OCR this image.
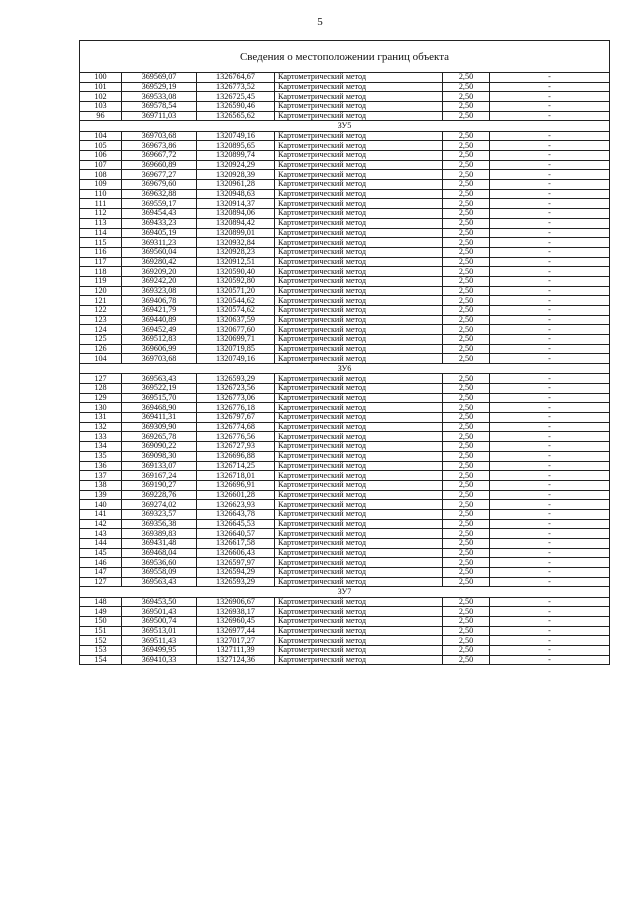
5
Сведения о местоположении границ объекта					
100	369569,07	1326764,67	Картометрический метод	2,50	-
101	369529,19	1326773,52	Картометрический метод	2,50	-
102	369533,08	1326725,45	Картометрический метод	2,50	-
103	369578,54	1326590,46	Картометрический метод	2,50	-
96	369711,03	1326565,62	Картометрический метод	2,50	-
ЗУ5					
104	369703,68	1320749,16	Картометрический метод	2,50	-
105	369673,86	1320895,65	Картометрический метод	2,50	-
106	369667,72	1320899,74	Картометрический метод	2,50	-
107	369660,89	1320924,29	Картометрический метод	2,50	-
108	369677,27	1320928,39	Картометрический метод	2,50	-
109	369679,60	1320961,28	Картометрический метод	2,50	-
110	369632,88	1320948,63	Картометрический метод	2,50	-
111	369559,17	1320914,37	Картометрический метод	2,50	-
112	369454,43	1320894,06	Картометрический метод	2,50	-
113	369433,23	1320894,42	Картометрический метод	2,50	-
114	369405,19	1320899,01	Картометрический метод	2,50	-
115	369311,23	1320932,84	Картометрический метод	2,50	-
116	369560,04	1320928,23	Картометрический метод	2,50	-
117	369280,42	1320912,51	Картометрический метод	2,50	-
118	369209,20	1320590,40	Картометрический метод	2,50	-
119	369242,20	1320592,80	Картометрический метод	2,50	-
120	369323,08	1320571,20	Картометрический метод	2,50	-
121	369406,78	1320544,62	Картометрический метод	2,50	-
122	369421,79	1320574,62	Картометрический метод	2,50	-
123	369440,89	1320637,59	Картометрический метод	2,50	-
124	369452,49	1320677,60	Картометрический метод	2,50	-
125	369512,83	1320699,71	Картометрический метод	2,50	-
126	369606,99	1320719,85	Картометрический метод	2,50	-
104	369703,68	1320749,16	Картометрический метод	2,50	-
ЗУ6					
127	369563,43	1326593,29	Картометрический метод	2,50	-
128	369522,19	1326723,56	Картометрический метод	2,50	-
129	369515,70	1326773,06	Картометрический метод	2,50	-
130	369468,90	1326776,18	Картометрический метод	2,50	-
131	369411,31	1326797,67	Картометрический метод	2,50	-
132	369309,90	1326774,68	Картометрический метод	2,50	-
133	369265,78	1326776,56	Картометрический метод	2,50	-
134	369090,22	1326727,93	Картометрический метод	2,50	-
135	369098,30	1326696,88	Картометрический метод	2,50	-
136	369133,07	1326714,25	Картометрический метод	2,50	-
137	369167,24	1326718,01	Картометрический метод	2,50	-
138	369190,27	1326696,91	Картометрический метод	2,50	-
139	369228,76	1326601,28	Картометрический метод	2,50	-
140	369274,02	1326623,93	Картометрический метод	2,50	-
141	369323,57	1326643,78	Картометрический метод	2,50	-
142	369356,38	1326645,53	Картометрический метод	2,50	-
143	369389,83	1326640,57	Картометрический метод	2,50	-
144	369431,48	1326617,58	Картометрический метод	2,50	-
145	369468,04	1326606,43	Картометрический метод	2,50	-
146	369536,60	1326597,97	Картометрический метод	2,50	-
147	369558,09	1326594,29	Картометрический метод	2,50	-
127	369563,43	1326593,29	Картометрический метод	2,50	-
ЗУ7					
148	369453,50	1326906,67	Картометрический метод	2,50	-
149	369501,43	1326938,17	Картометрический метод	2,50	-
150	369500,74	1326960,45	Картометрический метод	2,50	-
151	369513,01	1326977,44	Картометрический метод	2,50	-
152	369511,43	1327017,27	Картометрический метод	2,50	-
153	369499,95	1327111,39	Картометрический метод	2,50	-
154	369410,33	1327124,36	Картометрический метод	2,50	-
